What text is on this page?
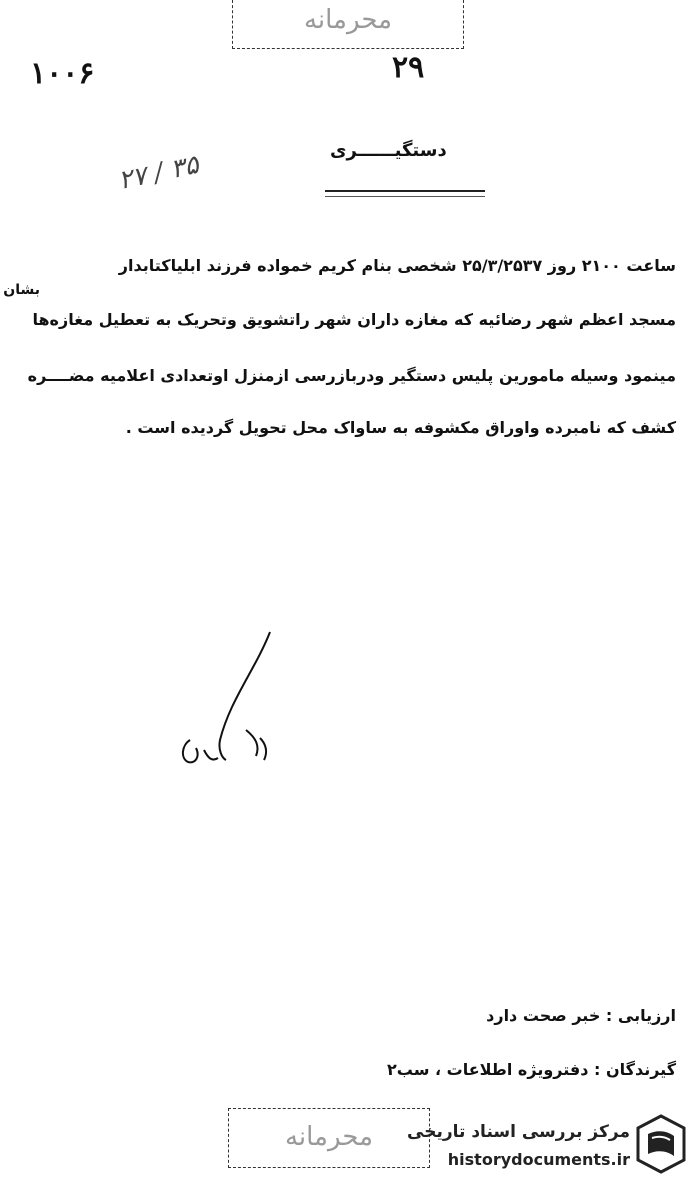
محرمانه
۱۰۰۶	۲۹
۲۷ / ۳۵	دستگیــــــری
ساعت ۲۱۰۰ روز ۲۵/۳/۲۵۳۷ شخصی بنام کریم خمواده فرزند ابلیاکتابدار
بشان
مسجد اعظم شهر رضائیه که مغازه داران شهر راتشویق وتحریک به تعطیل مغازه‌ها
مینمود وسیله مامورین پلیس دستگیر ودربازرسی ازمنزل اوتعدادی اعلامیه مضــــره
کشف که نامبرده واوراق مکشوفه به ساواک محل تحویل گردیده است .
ارزیابی : خبر صحت دارد
گیرندگان : دفترویژه اطلاعات ، سب۲
محرمانه	مرکز بررسی اسناد تاریخی
historydocuments.ir
